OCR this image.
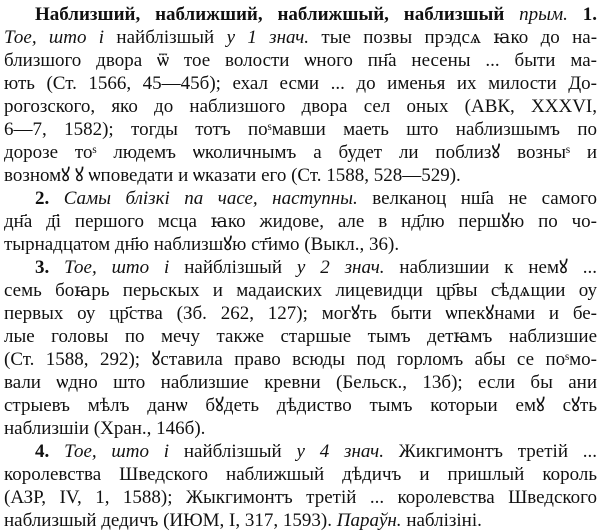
Наблизший, наближший, наближшый, наблизшый прым. 1.
Тое, што і найблізшый у 1 знач. тые позвы прэдсѧ ꙗко до на-
близшого двора ѿ тое волости ѡного пн҃а несены ... быти ма-
ють (Ст. 1566, 45—45б); ехал есми ... до именья их милости До-
рогозского, яко до наблизшого двора сел оных (АВК, XXXVI,
6—7, 1582); тогды тотъ поˢмавши маеть што наблизшымъ по
дорозе тоˢ людемъ ѡколичнымъ а будет ли поблизꙋ возныˢ и
возномꙋ ꙋ ѡповедати и ѡказати его (Ст. 1588, 528—529).
2. Самы блізкі па часе, наступны. велканоц нш҃а не самого
дн҃а д҃і першого мсца ꙗко жидове, але в нд҃лю першꙋю по чо-
тырнадцатом дн҃ю наблизшꙋю ст҃имо (Выкл., 36).
3. Тое, што і найблізшый у 2 знач. наблизшии к немꙋ ...
семь боꙗрь перьскых и мадаиских лицевидци цр҃вы сѣдѧщии оу
первых оу цр҃ства (Зб. 262, 127); могꙋть быти ѡпекꙋнами и бе-
лые головы по мечу также старшые тымъ детꙗмъ наблизшие
(Ст. 1588, 292); ꙋставила право всюды под горломъ абы се поˢмо-
вали ѡдно што наблизшие кревни (Бельск., 13б); если бы ани
стрыевъ мѣлъ данѡ бꙋдеть дѣдиство тымъ которыи емꙋ сꙋть
наблизшіи (Хран., 146б).
4. Тое, што і найблізшый у 4 знач. Жикгимонтъ третій ...
королевства Шведского наближшый дѣдичъ и пришлый король
(АЗР, IV, 1, 1588); Жыкгимонтъ третій ... королевства Шведского
наблизшый дедичъ (ИЮМ, I, 317, 1593). Параўн. наблізіні.
